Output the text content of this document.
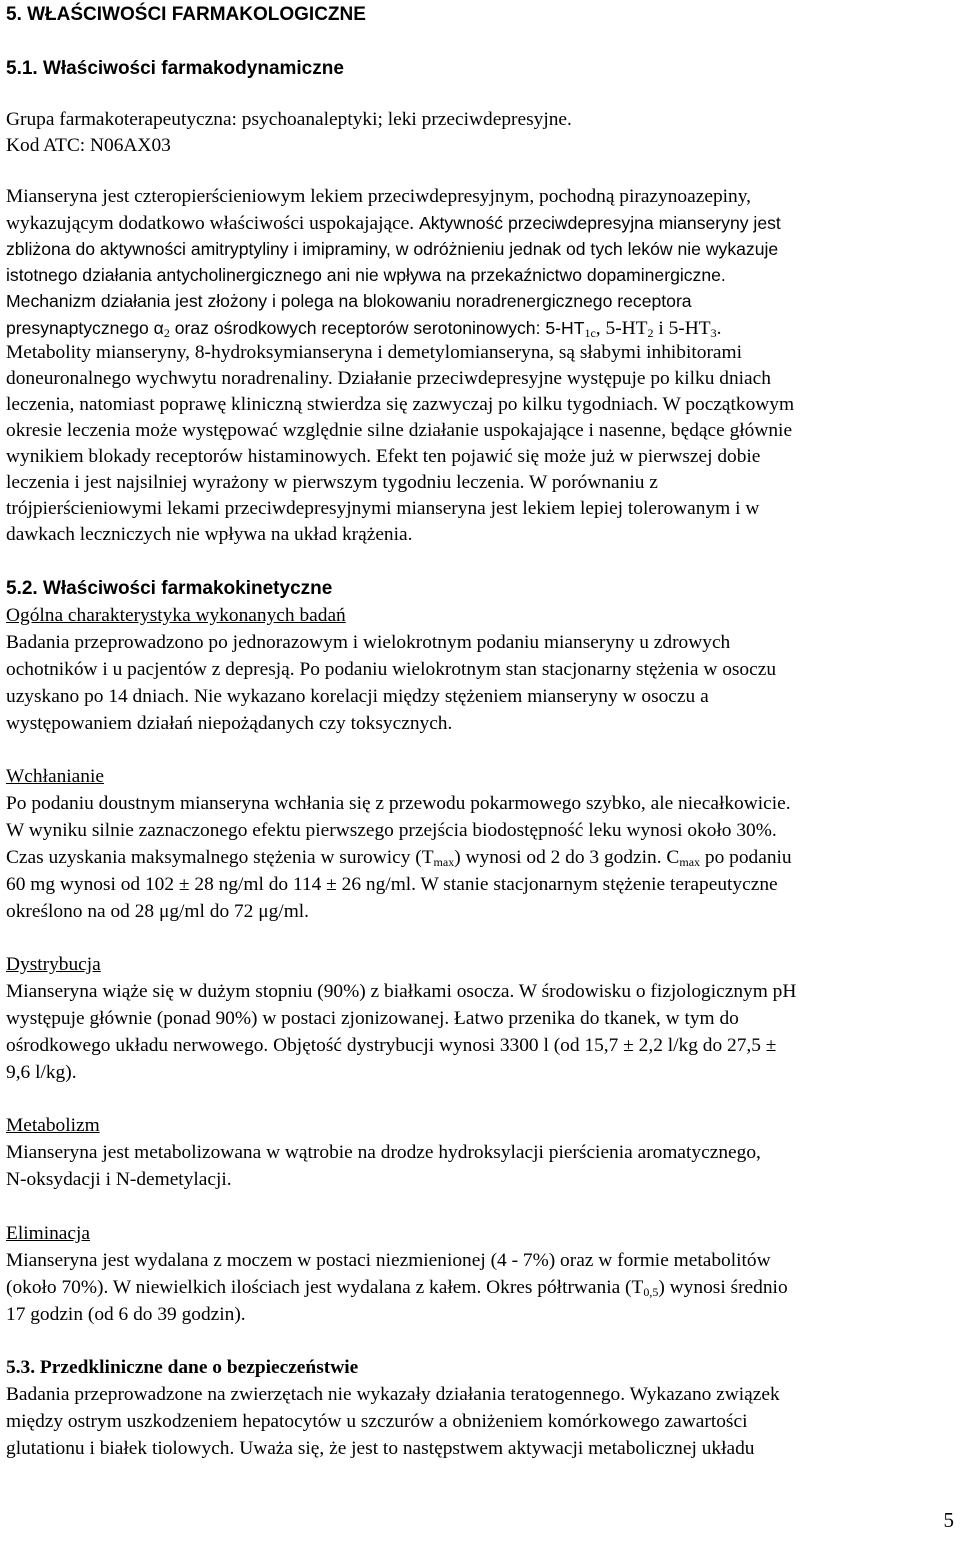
5. WŁAŚCIWOŚCI FARMAKOLOGICZNE
5.1. Właściwości farmakodynamiczne
Grupa farmakoterapeutyczna: psychoanaleptyki; leki przeciwdepresyjne.
Kod ATC: N06AX03
Mianseryna jest czteropierścieniowym lekiem przeciwdepresyjnym, pochodną pirazynoazepiny,
wykazującym dodatkowo właściwości uspokajające. Aktywność przeciwdepresyjna mianseryny jest
zbliżona do aktywności amitryptyliny i imipraminy, w odróżnieniu jednak od tych leków nie wykazuje
istotnego działania antycholinergicznego ani nie wpływa na przekaźnictwo dopaminergiczne.
Mechanizm działania jest złożony i polega na blokowaniu noradrenergicznego receptora
presynaptycznego $\alpha_2$ oraz ośrodkowych receptorów serotoninowych: $5-HT_{1c}$, $5-HT_2$ i $5-HT_3$.
Metabolity mianseryny, 8-hydroksymianseryna i demetylomianseryna, są słabymi inhibitorami
doneuronalnego wychwytu noradrenaliny. Działanie przeciwdepresyjne występuje po kilku dniach
leczenia, natomiast poprawę kliniczną stwierdza się zazwyczaj po kilku tygodniach. W początkowym
okresie leczenia może występować względnie silne działanie uspokajające i nasenne, będące głównie
wynikiem blokady receptorów histaminowych. Efekt ten pojawić się może już w pierwszej dobie
leczenia i jest najsilniej wyrażony w pierwszym tygodniu leczenia. W porównaniu z
trójpierścieniowymi lekami przeciwdepresyjnymi mianseryna jest lekiem lepiej tolerowanym i w
dawkach leczniczych nie wpływa na układ krążenia.
5.2. Właściwości farmakokinetyczne
Ogólna charakterystyka wykonanych badań
Badania przeprowadzono po jednorazowym i wielokrotnym podaniu mianseryny u zdrowych
ochotników i u pacjentów z depresją. Po podaniu wielokrotnym stan stacjonarny stężenia w osoczu
uzyskano po 14 dniach. Nie wykazano korelacji między stężeniem mianseryny w osoczu a
występowaniem działań niepożądanych czy toksycznych.
Wchłanianie
Po podaniu doustnym mianseryna wchłania się z przewodu pokarmowego szybko, ale niecałkowicie.
W wyniku silnie zaznaczonego efektu pierwszego przejścia biodostępność leku wynosi około 30%.
Czas uzyskania maksymalnego stężenia w surowicy $(T_{max})$ wynosi od 2 do 3 godzin. $C_{max}$ po podaniu
60 mg wynosi od 102 ± 28 ng/ml do 114 ± 26 ng/ml. W stanie stacjonarnym stężenie terapeutyczne
określono na od 28 μg/ml do 72 μg/ml.
Dystrybucja
Mianseryna wiąże się w dużym stopniu (90%) z białkami osocza. W środowisku o fizjologicznym pH
występuje głównie (ponad 90%) w postaci zjonizowanej. Łatwo przenika do tkanek, w tym do
ośrodkowego układu nerwowego. Objętość dystrybucji wynosi 3300 l (od 15,7 ± 2,2 l/kg do 27,5 ±
9,6 l/kg).
Metabolizm
Mianseryna jest metabolizowana w wątrobie na drodze hydroksylacji pierścienia aromatycznego,
N-oksydacji i N-demetylacji.
Eliminacja
Mianseryna jest wydalana z moczem w postaci niezmienionej (4 - 7%) oraz w formie metabolitów
(około 70%). W niewielkich ilościach jest wydalana z kałem. Okres półtrwania $(T_{0,5})$ wynosi średnio
17 godzin (od 6 do 39 godzin).
5.3. Przedkliniczne dane o bezpieczeństwie
Badania przeprowadzone na zwierzętach nie wykazały działania teratogennego. Wykazano związek
między ostrym uszkodzeniem hepatocytów u szczurów a obniżeniem komórkowego zawartości
glutationu i białek tiolowych. Uważa się, że jest to następstwem aktywacji metabolicznej układu
5
